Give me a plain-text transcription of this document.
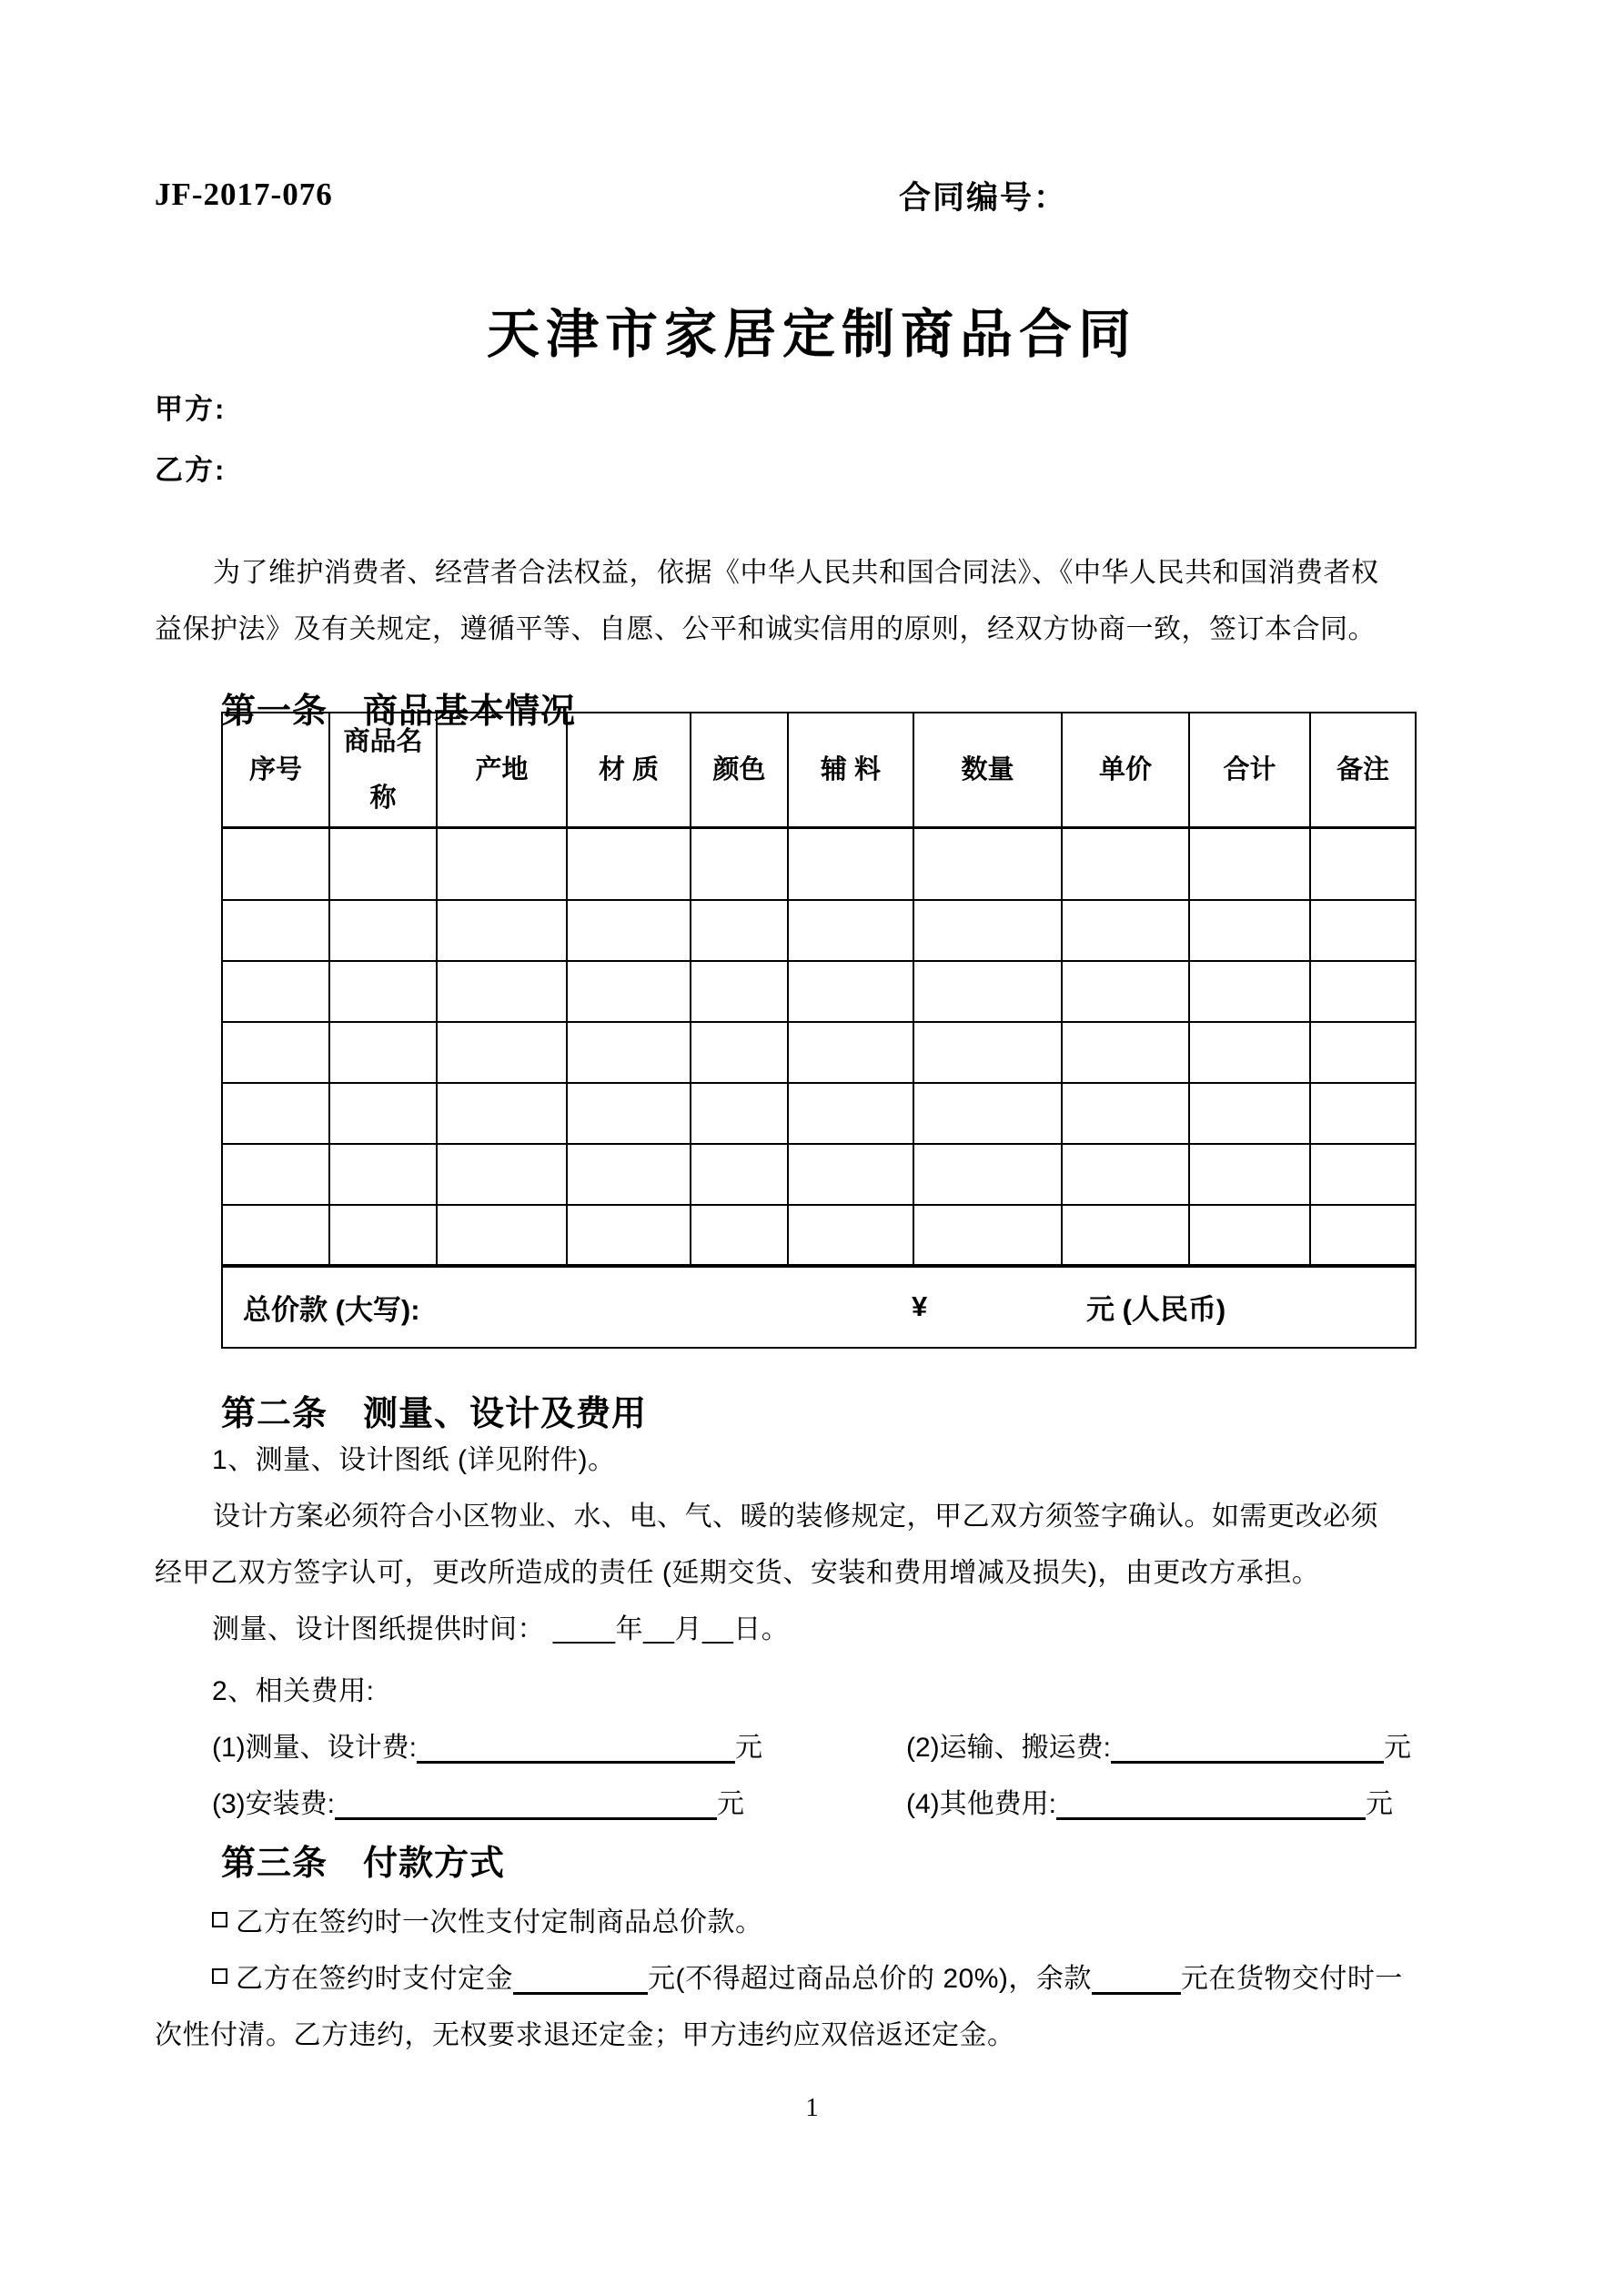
JF-2017-076	合同编号：
天津市家居定制商品合同
甲方:
乙方:
为了维护消费者、经营者合法权益，依据《中华人民共和国合同法》、《中华人民共和国消费者权
益保护法》及有关规定，遵循平等、自愿、公平和诚实信用的原则，经双方协商一致，签订本合同。
第一条　商品基本情况
序号	商品名称	产地	材 质	颜色	辅 料	数量	单价	合计	备注

总价款 (大写): ¥ 元 (人民币)									
第二条　测量、设计及费用
1、测量、设计图纸 (详见附件)。
设计方案必须符合小区物业、水、电、气、暖的装修规定，甲乙双方须签字确认。如需更改必须
经甲乙双方签字认可，更改所造成的责任 (延期交货、安装和费用增减及损失)，由更改方承担。
测量、设计图纸提供时间： ____年__月__日。
2、相关费用:
(1)测量、设计费:	元	(2)运输、搬运费:	元
(3)安装费:	元	(4)其他费用:	元
第三条　付款方式
乙方在签约时一次性支付定制商品总价款。
乙方在签约时支付定金	元(不得超过商品总价的 20%)，余款	元在货物交付时一
次性付清。乙方违约，无权要求退还定金；甲方违约应双倍返还定金。
1
